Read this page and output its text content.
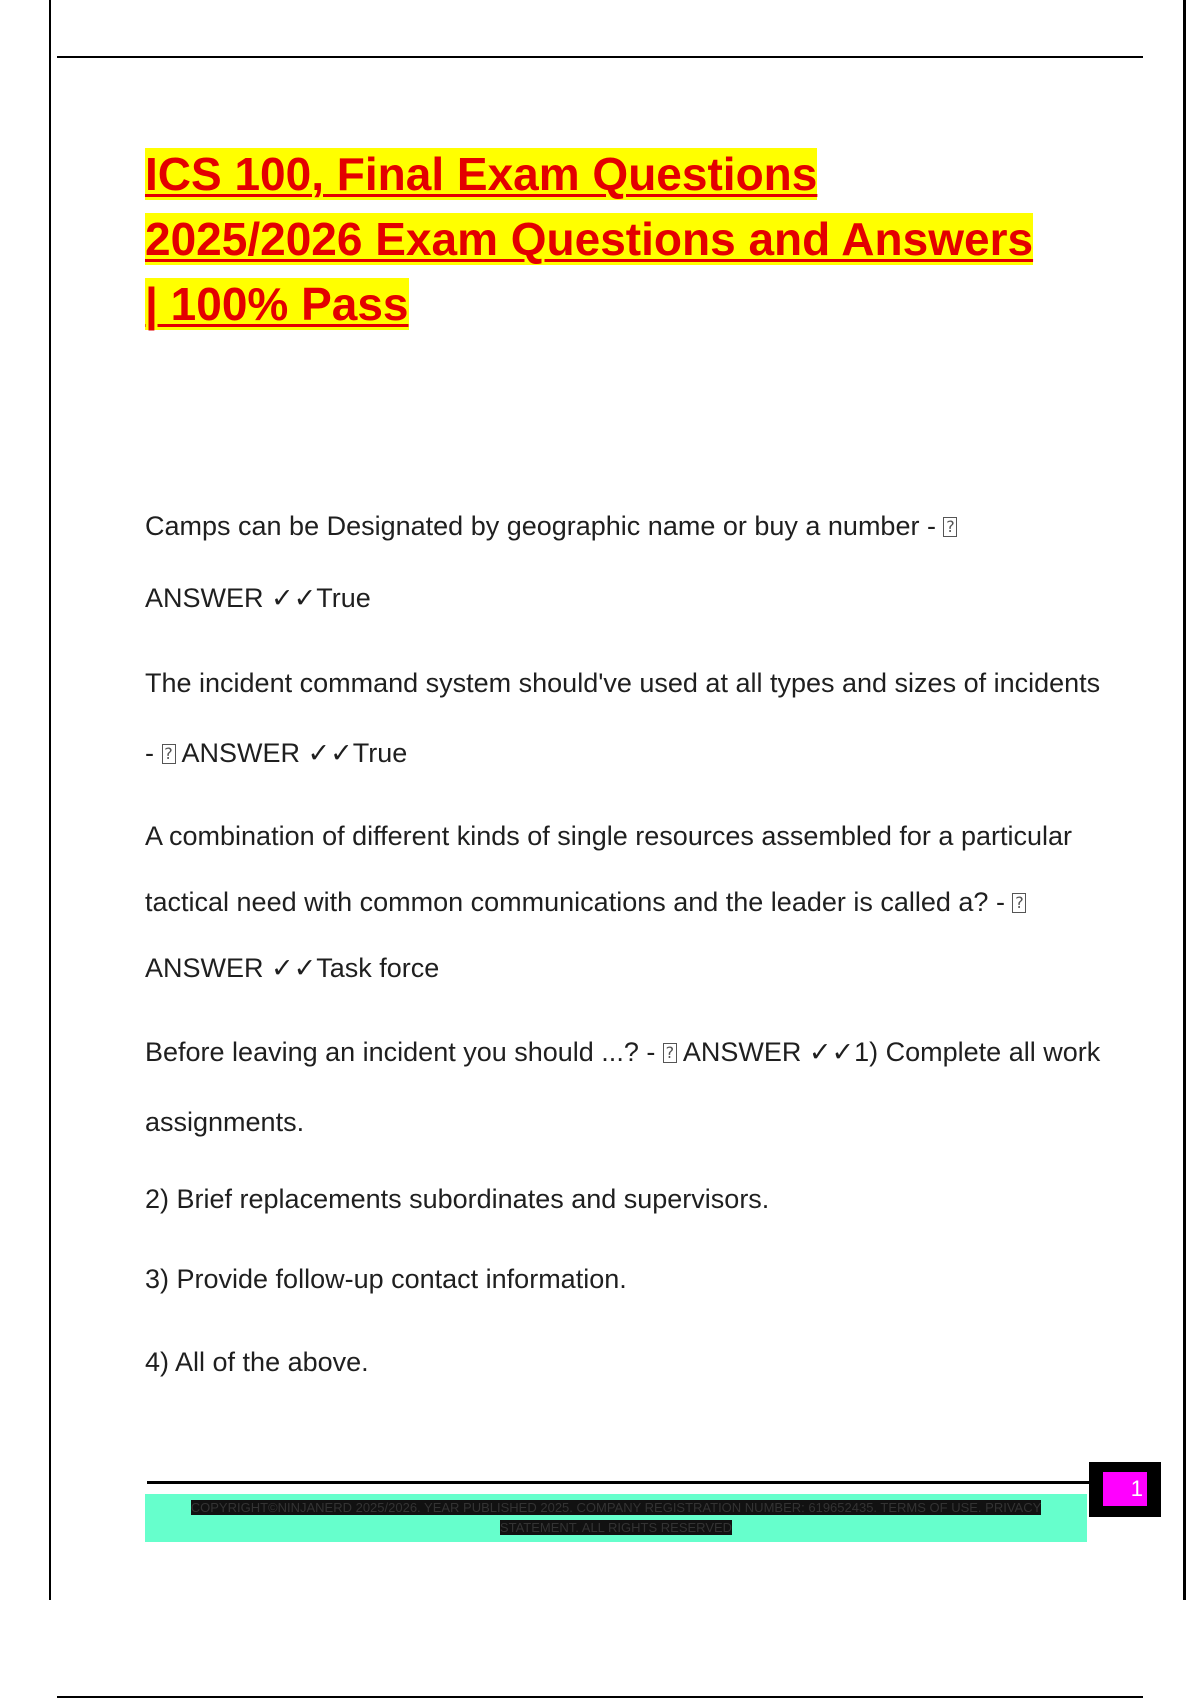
ICS 100, Final Exam Questions
2025/2026 Exam Questions and Answers
| 100% Pass

Camps can be Designated by geographic name or buy a number - ?
ANSWER ✓✓True

The incident command system should've used at all types and sizes of incidents - ? ANSWER ✓✓True

A combination of different kinds of single resources assembled for a particular tactical need with common communications and the leader is called a? - ? ANSWER ✓✓Task force

Before leaving an incident you should ...? - ? ANSWER ✓✓1) Complete all work assignments.

2) Brief replacements subordinates and supervisors.

3) Provide follow-up contact information.

4) All of the above.

COPYRIGHT©NINJANERD 2025/2026. YEAR PUBLISHED 2025. COMPANY REGISTRATION NUMBER: 619652435. TERMS OF USE. PRIVACY
STATEMENT. ALL RIGHTS RESERVED
1
